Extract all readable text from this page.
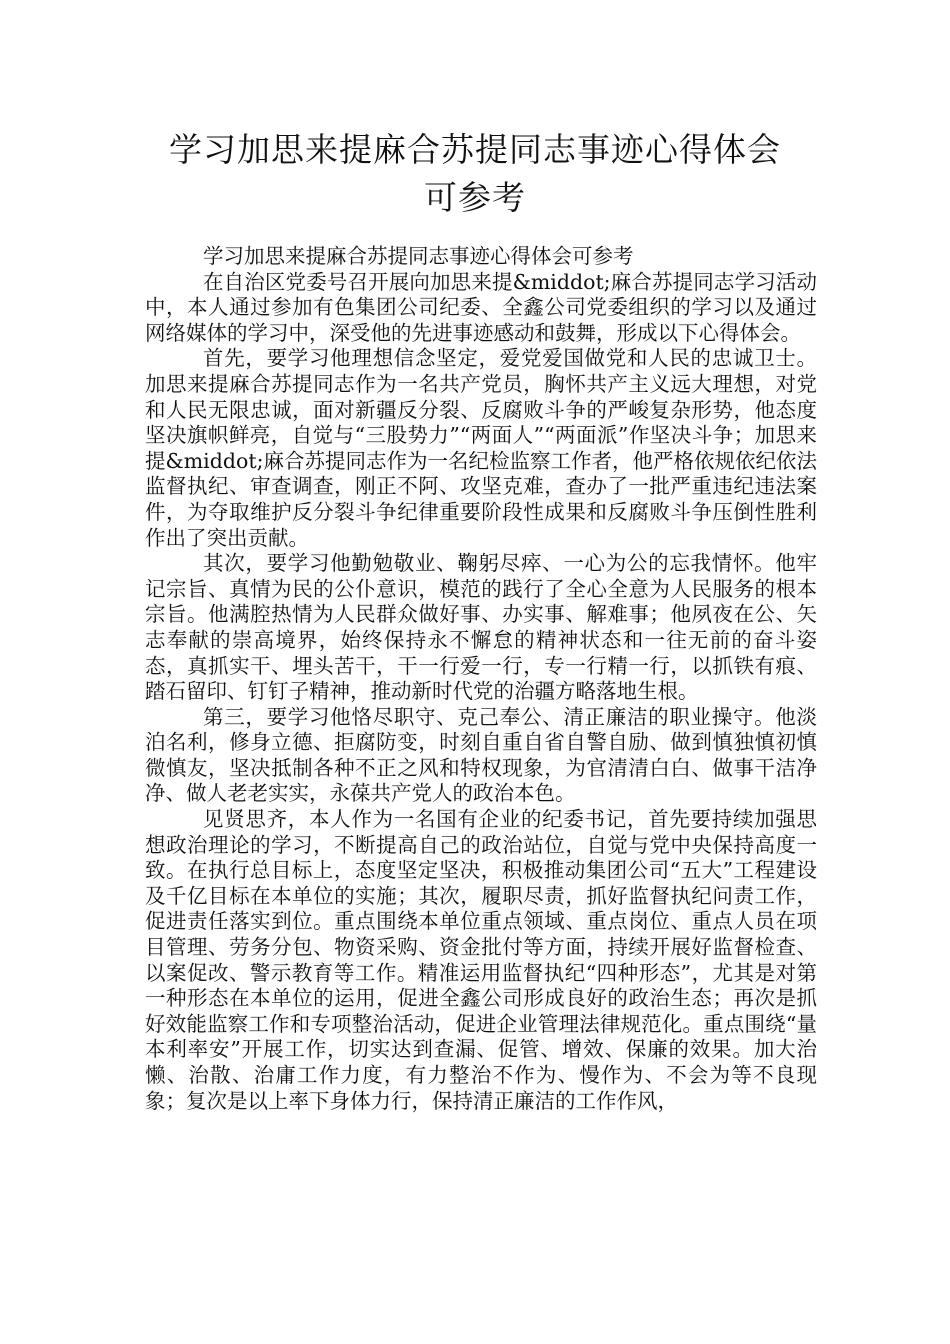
学习加思来提麻合苏提同志事迹心得体会
可参考

学习加思来提麻合苏提同志事迹心得体会可参考

在自治区党委号召开展向加思来提&middot;麻合苏提同志学习活动中，本人通过参加有色集团公司纪委、全鑫公司党委组织的学习以及通过网络媒体的学习中，深受他的先进事迹感动和鼓舞，形成以下心得体会。

首先，要学习他理想信念坚定，爱党爱国做党和人民的忠诚卫士。加思来提麻合苏提同志作为一名共产党员，胸怀共产主义远大理想，对党和人民无限忠诚，面对新疆反分裂、反腐败斗争的严峻复杂形势，他态度坚决旗帜鲜亮，自觉与“三股势力”“两面人”“两面派”作坚决斗争；加思来提&middot;麻合苏提同志作为一名纪检监察工作者，他严格依规依纪依法监督执纪、审查调查，刚正不阿、攻坚克难，查办了一批严重违纪违法案件，为夺取维护反分裂斗争纪律重要阶段性成果和反腐败斗争压倒性胜利作出了突出贡献。

其次，要学习他勤勉敬业、鞠躬尽瘁、一心为公的忘我情怀。他牢记宗旨、真情为民的公仆意识，模范的践行了全心全意为人民服务的根本宗旨。他满腔热情为人民群众做好事、办实事、解难事；他夙夜在公、矢志奉献的崇高境界，始终保持永不懈怠的精神状态和一往无前的奋斗姿态，真抓实干、埋头苦干，干一行爱一行，专一行精一行，以抓铁有痕、踏石留印、钉钉子精神，推动新时代党的治疆方略落地生根。

第三，要学习他恪尽职守、克己奉公、清正廉洁的职业操守。他淡泊名利，修身立德、拒腐防变，时刻自重自省自警自励、做到慎独慎初慎微慎友，坚决抵制各种不正之风和特权现象，为官清清白白、做事干洁净净、做人老老实实，永葆共产党人的政治本色。

见贤思齐，本人作为一名国有企业的纪委书记，首先要持续加强思想政治理论的学习，不断提高自己的政治站位，自觉与党中央保持高度一致。在执行总目标上，态度坚定坚决，积极推动集团公司“五大”工程建设及千亿目标在本单位的实施；其次，履职尽责，抓好监督执纪问责工作，促进责任落实到位。重点围绕本单位重点领域、重点岗位、重点人员在项目管理、劳务分包、物资采购、资金批付等方面，持续开展好监督检查、以案促改、警示教育等工作。精准运用监督执纪“四种形态”，尤其是对第一种形态在本单位的运用，促进全鑫公司形成良好的政治生态；再次是抓好效能监察工作和专项整治活动，促进企业管理法律规范化。重点围绕“量本利率安”开展工作，切实达到查漏、促管、增效、保廉的效果。加大治懒、治散、治庸工作力度，有力整治不作为、慢作为、不会为等不良现象；复次是以上率下身体力行，保持清正廉洁的工作作风，
